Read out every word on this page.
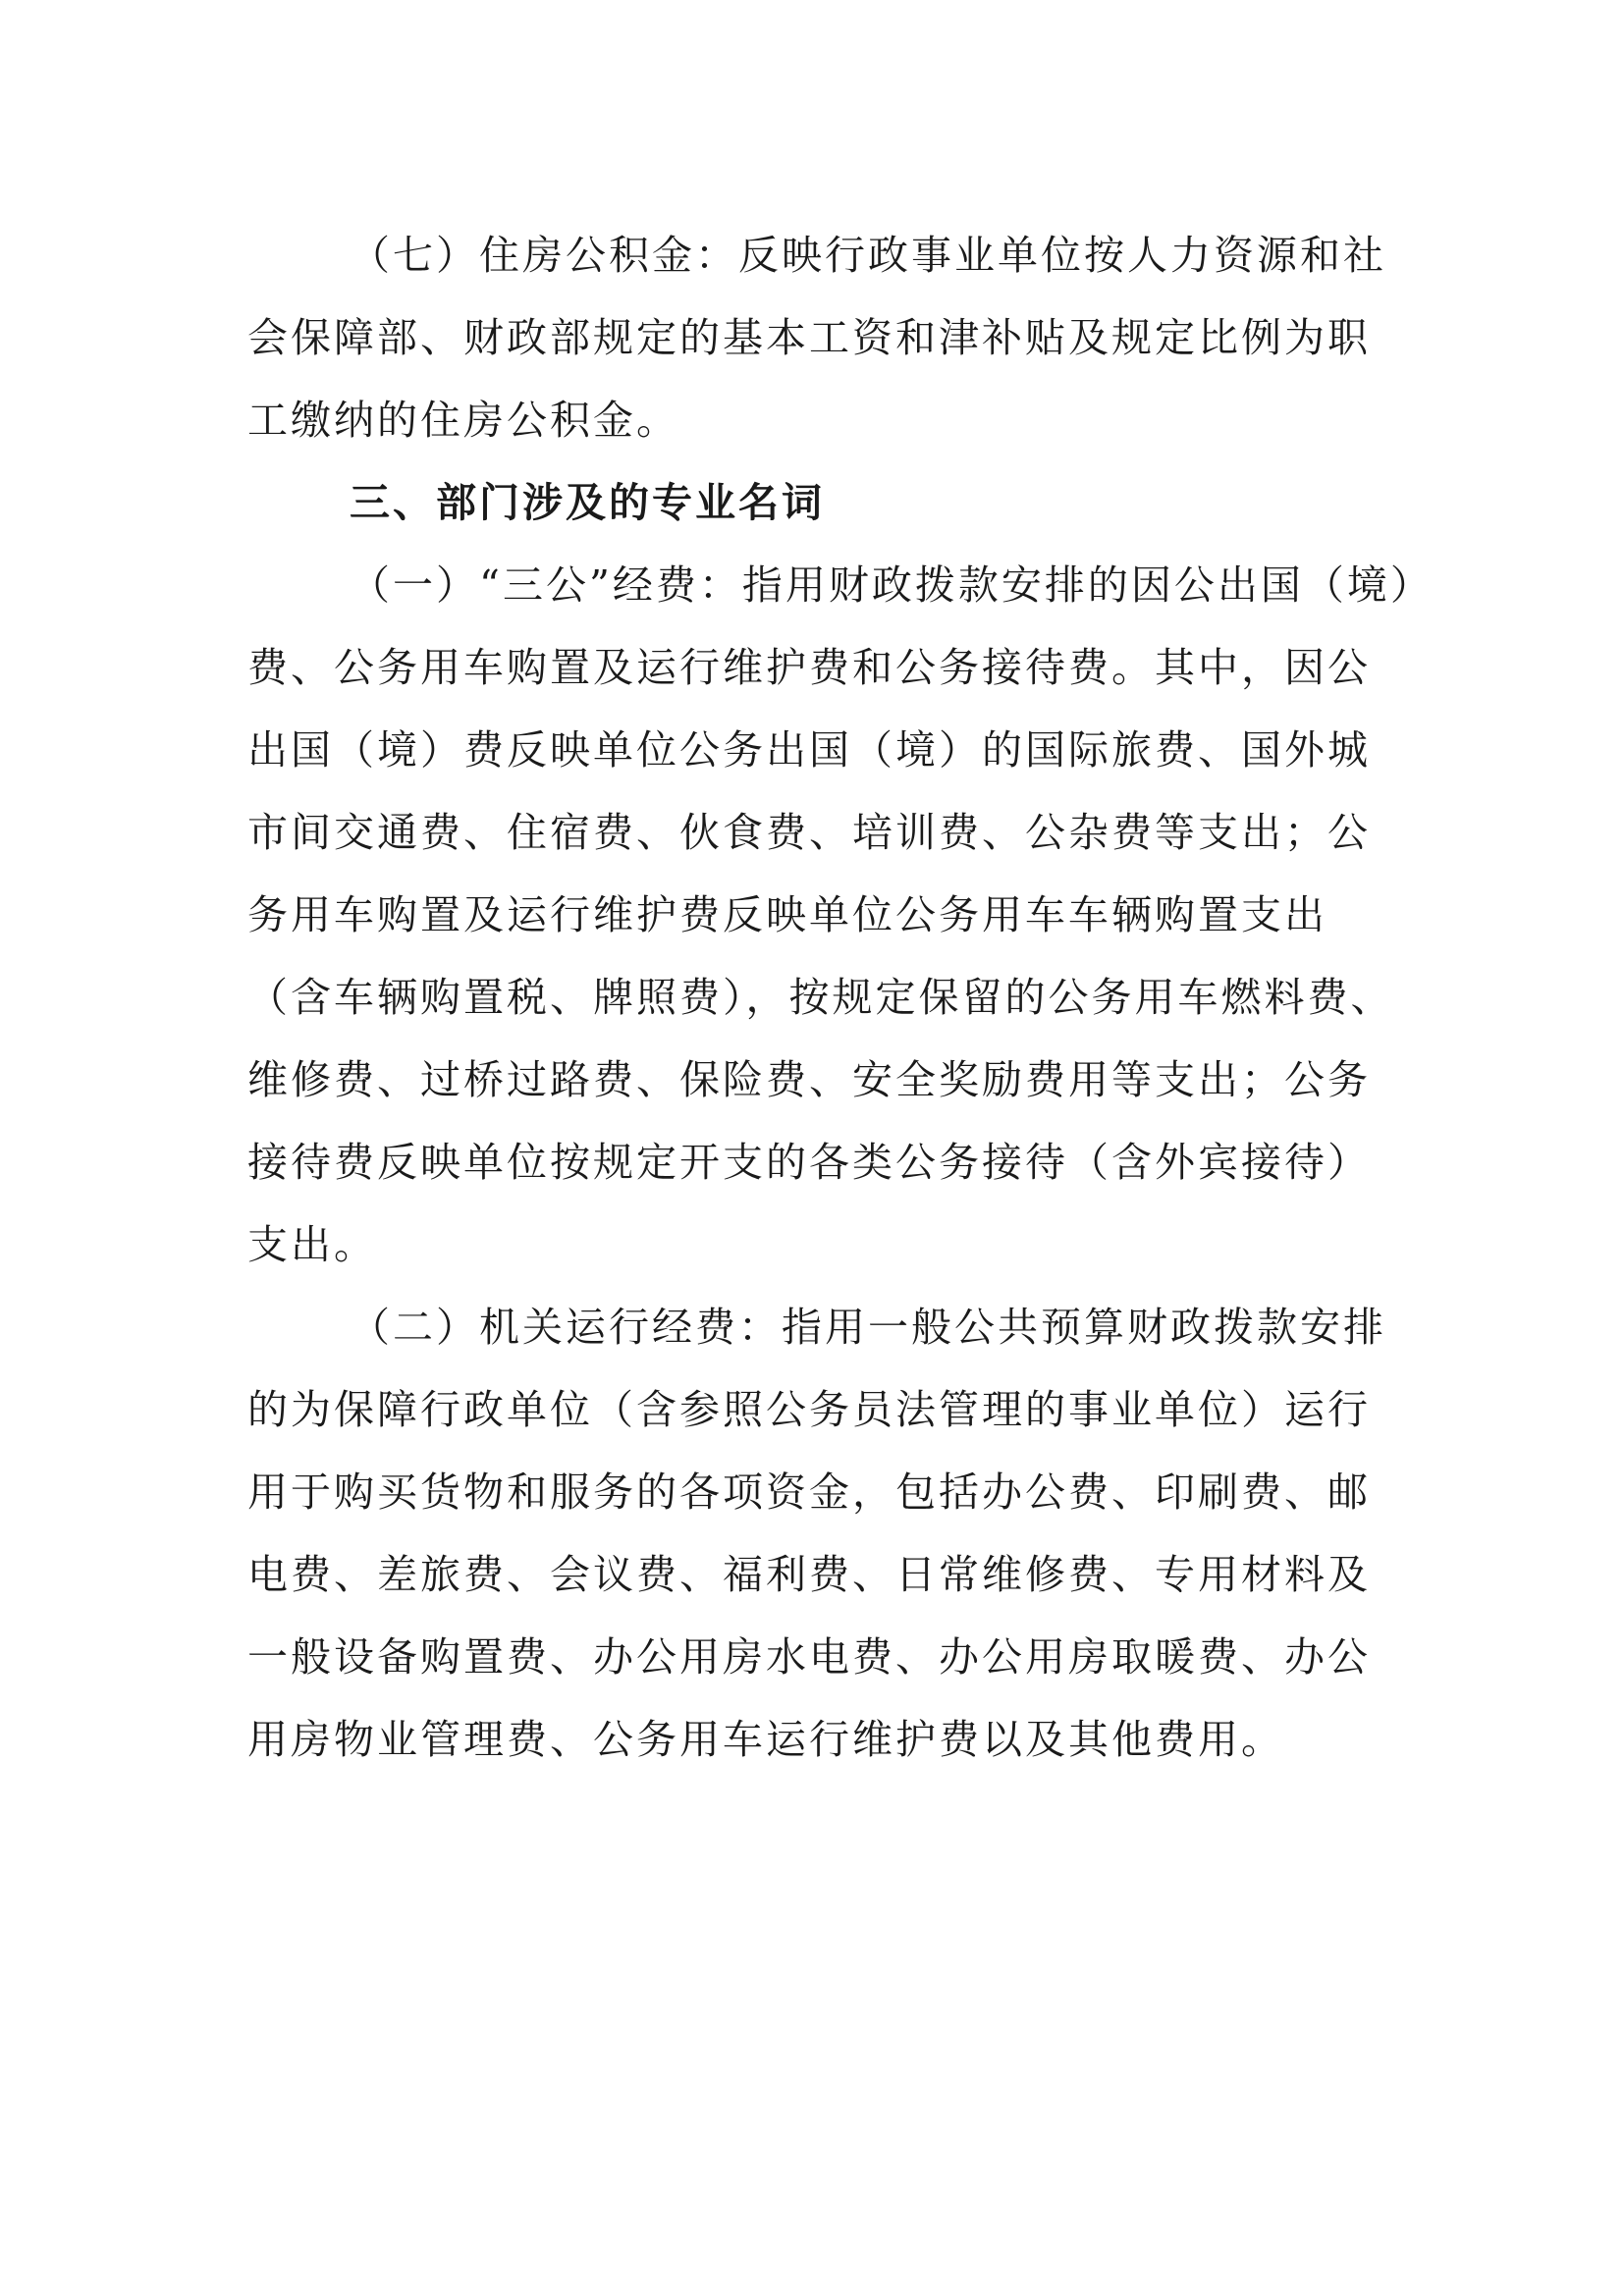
（七）住房公积金：反映行政事业单位按人力资源和社
会保障部、财政部规定的基本工资和津补贴及规定比例为职
工缴纳的住房公积金。
三、部门涉及的专业名词
（一）“三公”经费：指用财政拨款安排的因公出国（境）
费、公务用车购置及运行维护费和公务接待费。其中，因公
出国（境）费反映单位公务出国（境）的国际旅费、国外城
市间交通费、住宿费、伙食费、培训费、公杂费等支出；公
务用车购置及运行维护费反映单位公务用车车辆购置支出
（含车辆购置税、牌照费），按规定保留的公务用车燃料费、
维修费、过桥过路费、保险费、安全奖励费用等支出；公务
接待费反映单位按规定开支的各类公务接待（含外宾接待）
支出。
（二）机关运行经费：指用一般公共预算财政拨款安排
的为保障行政单位（含参照公务员法管理的事业单位）运行
用于购买货物和服务的各项资金，包括办公费、印刷费、邮
电费、差旅费、会议费、福利费、日常维修费、专用材料及
一般设备购置费、办公用房水电费、办公用房取暖费、办公
用房物业管理费、公务用车运行维护费以及其他费用。
